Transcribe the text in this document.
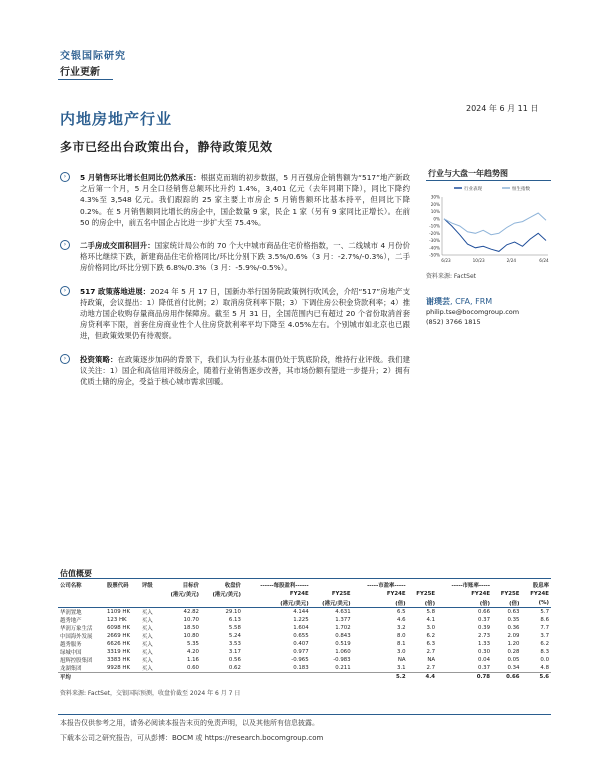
交银国际研究
行业更新
内地房地产行业
2024 年 6 月 11 日
多市已经出台政策出台，静待政策见效
›	5 月销售环比增长但同比仍然承压：根据克而瑞的初步数据，5 月百强房企销售额为“517”地产新政之后第一个月，5 月全口径销售总额环比升约 1.4%，3,401 亿元（去年同期下降），同比下降约 4.3%至 3,548 亿元。我们跟踪的 25 家主要上市房企 5 月销售额环比基本持平，但同比下降 0.2%。在 5 月销售额同比增长的房企中，国企数量 9 家，民企 1 家（另有 9 家同比正增长）。在前 50 的房企中，前五名中国企占比进一步扩大至 75.4%。
›	二手房成交面积回升：国家统计局公布的 70 个大中城市商品住宅价格指数，一、二线城市 4 月份价格环比继续下跌，新建商品住宅价格同比/环比分别下跌 3.5%/0.6%（3 月：-2.7%/-0.3%），二手房价格同比/环比分别下跌 6.8%/0.3%（3 月：-5.9%/-0.5%）。
›	517 政策落地进展：2024 年 5 月 17 日，国新办举行国务院政策例行吹风会，介绍“517”房地产支持政策，会议提出：1）降低首付比例；2）取消房贷利率下限；3）下调住房公积金贷款利率；4）推动地方国企收购存量商品房用作保障房。截至 5 月 31 日，全国范围内已有超过 20 个省份取消首套房贷利率下限，首套住房商业性个人住房贷款利率平均下降至 4.05%左右。个别城市如北京也已跟进，但政策效果仍有待观察。
›	投资策略：在政策逐步加码的背景下，我们认为行业基本面仍处于筑底阶段，维持行业评级。我们建议关注：1）国企和高信用评级房企，随着行业销售逐步改善，其市场份额有望进一步提升；2）拥有优质土储的房企，受益于核心城市需求回暖。
行业与大盘一年趋势图
行业表现	恒生指数
30%
20%
10%
0%
-10%
-20%
-30%
-40%
-50%
6/23	10/23	2/24	6/24
资料来源: FactSet
谢璞芸, CFA, FRM
philip.tse@bocomgroup.com
(852) 3766 1815
估值概要
公司名称	股票代码	评级	目标价	收盘价	------每股盈利------		-----市盈率-----		-----市账率-----		股息率
			(港元/美元)	(港元/美元)	FY24E	FY25E	FY24E	FY25E	FY24E	FY25E	FY24E
					(港元/美元)	(港元/美元)	(倍)	(倍)	(倍)	(倍)	(%)
华润置地	1109 HK	买入	42.82	29.10	4.144	4.631	6.5	5.8	0.66	0.63	5.7
越秀地产	123 HK	买入	10.70	6.13	1.225	1.377	4.6	4.1	0.37	0.35	8.6
华润万象生活	6098 HK	买入	18.50	5.58	1.604	1.702	3.2	3.0	0.39	0.36	7.7
中国海外发展	2669 HK	买入	10.80	5.24	0.655	0.843	8.0	6.2	2.73	2.09	3.7
越秀服务	6626 HK	买入	5.35	3.53	0.407	0.519	8.1	6.3	1.33	1.20	6.2
绿城中国	3319 HK	买入	4.20	3.17	0.977	1.060	3.0	2.7	0.30	0.28	8.3
旭辉控股集团	3383 HK	买入	1.16	0.56	-0.965	-0.983	NA	NA	0.04	0.05	0.0
龙湖集团	9928 HK	买入	0.60	0.62	0.183	0.211	3.1	2.7	0.37	0.34	4.8
平均							5.2	4.4	0.78	0.66	5.6
资料来源: FactSet，交银国际预测，收盘价截至 2024 年 6 月 7 日
本报告仅供参考之用，请务必阅读本报告末页的免责声明，以及其他所有信息披露。
下载本公司之研究报告，可从彭博：BOCM 或 https://research.bocomgroup.com
